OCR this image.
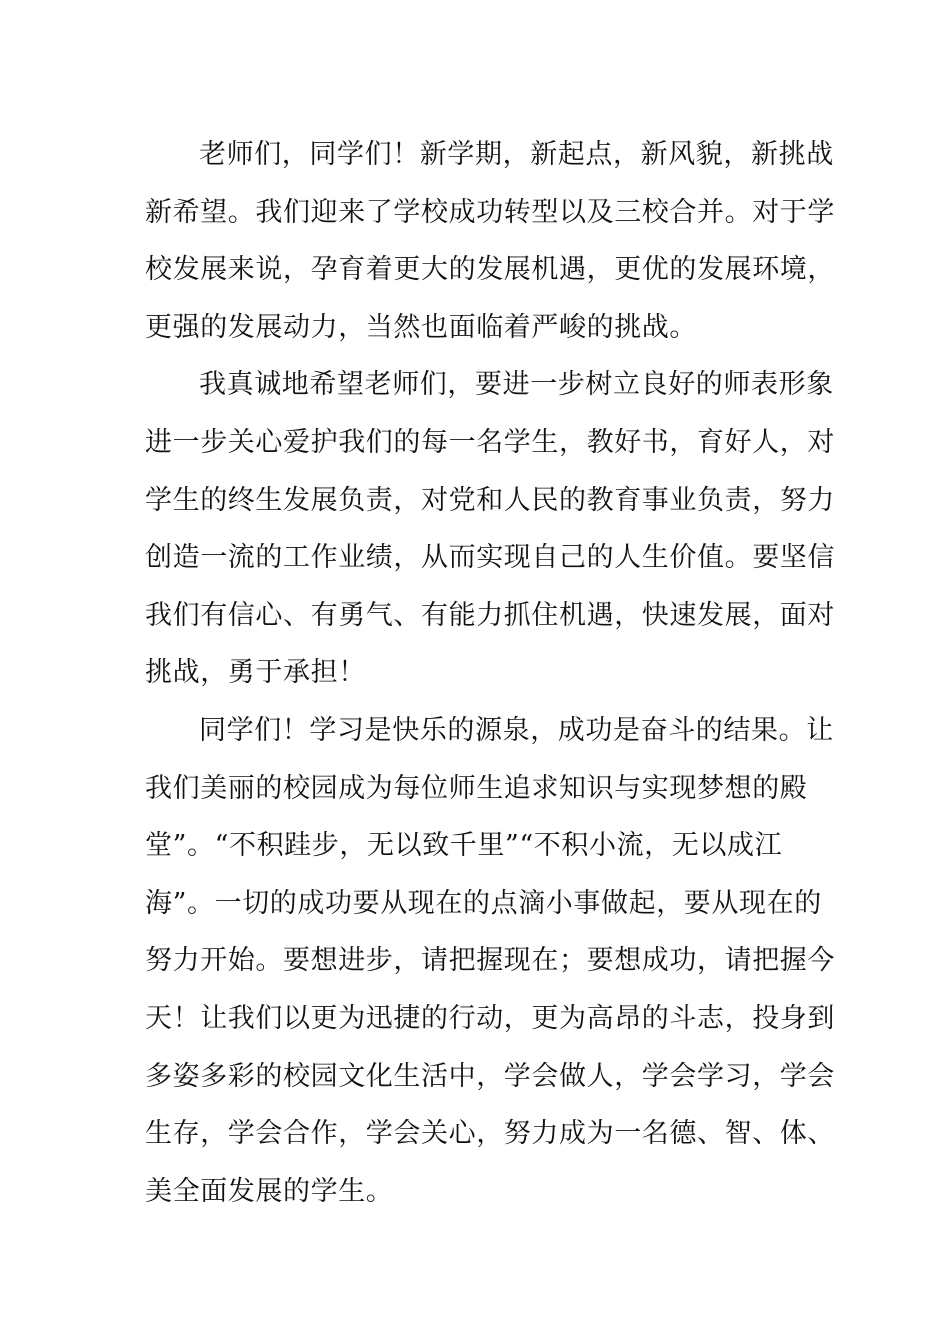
老师们，同学们！新学期，新起点，新风貌，新挑战
新希望。我们迎来了学校成功转型以及三校合并。对于学
校发展来说，孕育着更大的发展机遇，更优的发展环境，
更强的发展动力，当然也面临着严峻的挑战。
我真诚地希望老师们，要进一步树立良好的师表形象
进一步关心爱护我们的每一名学生，教好书，育好人，对
学生的终生发展负责，对党和人民的教育事业负责，努力
创造一流的工作业绩，从而实现自己的人生价值。要坚信
我们有信心、有勇气、有能力抓住机遇，快速发展，面对
挑战，勇于承担！
同学们！学习是快乐的源泉，成功是奋斗的结果。让
我们美丽的校园成为每位师生追求知识与实现梦想的殿
堂”。“不积跬步，无以致千里”“不积小流，无以成江
海”。一切的成功要从现在的点滴小事做起，要从现在的
努力开始。要想进步，请把握现在；要想成功，请把握今
天！让我们以更为迅捷的行动，更为高昂的斗志，投身到
多姿多彩的校园文化生活中，学会做人，学会学习，学会
生存，学会合作，学会关心，努力成为一名德、智、体、
美全面发展的学生。
